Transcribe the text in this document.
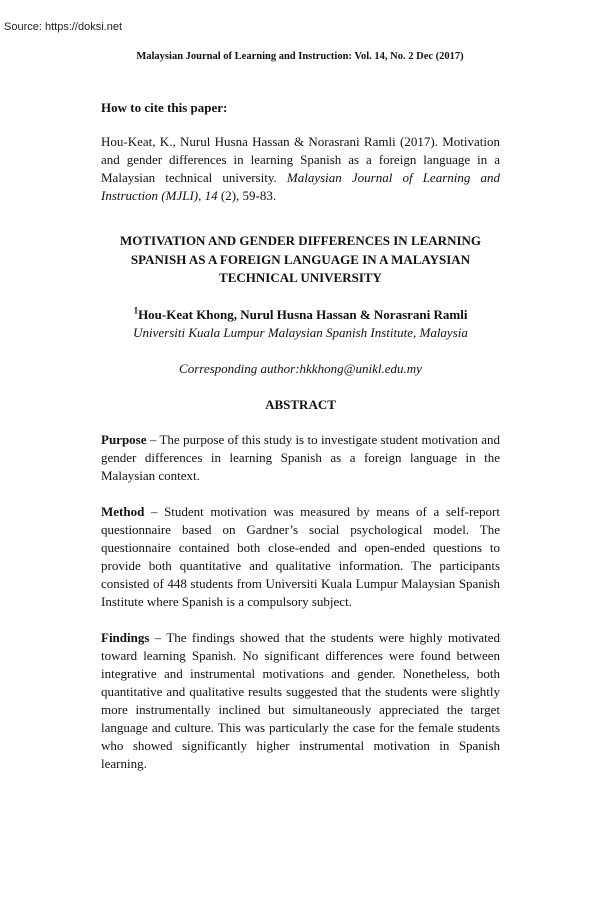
Source: https://doksi.net
Malaysian Journal of Learning and Instruction: Vol. 14, No. 2 Dec (2017)
How to cite this paper:

Hou-Keat, K., Nurul Husna Hassan & Norasrani Ramli (2017). Motivation and gender differences in learning Spanish as a foreign language in a Malaysian technical university. Malaysian Journal of Learning and Instruction (MJLI), 14 (2), 59-83.

MOTIVATION AND GENDER DIFFERENCES IN LEARNING SPANISH AS A FOREIGN LANGUAGE IN A MALAYSIAN TECHNICAL UNIVERSITY

$^1$Hou-Keat Khong, Nurul Husna Hassan & Norasrani Ramli

Universiti Kuala Lumpur Malaysian Spanish Institute, Malaysia

Corresponding author:hkkhong@unikl.edu.my

ABSTRACT

Purpose – The purpose of this study is to investigate student motivation and gender differences in learning Spanish as a foreign language in the Malaysian context.

Method – Student motivation was measured by means of a self-report questionnaire based on Gardner’s social psychological model. The questionnaire contained both close-ended and open-ended questions to provide both quantitative and qualitative information. The participants consisted of 448 students from Universiti Kuala Lumpur Malaysian Spanish Institute where Spanish is a compulsory subject.

Findings – The findings showed that the students were highly motivated toward learning Spanish. No significant differences were found between integrative and instrumental motivations and gender. Nonetheless, both quantitative and qualitative results suggested that the students were slightly more instrumentally inclined but simultaneously appreciated the target language and culture. This was particularly the case for the female students who showed significantly higher instrumental motivation in Spanish learning.
